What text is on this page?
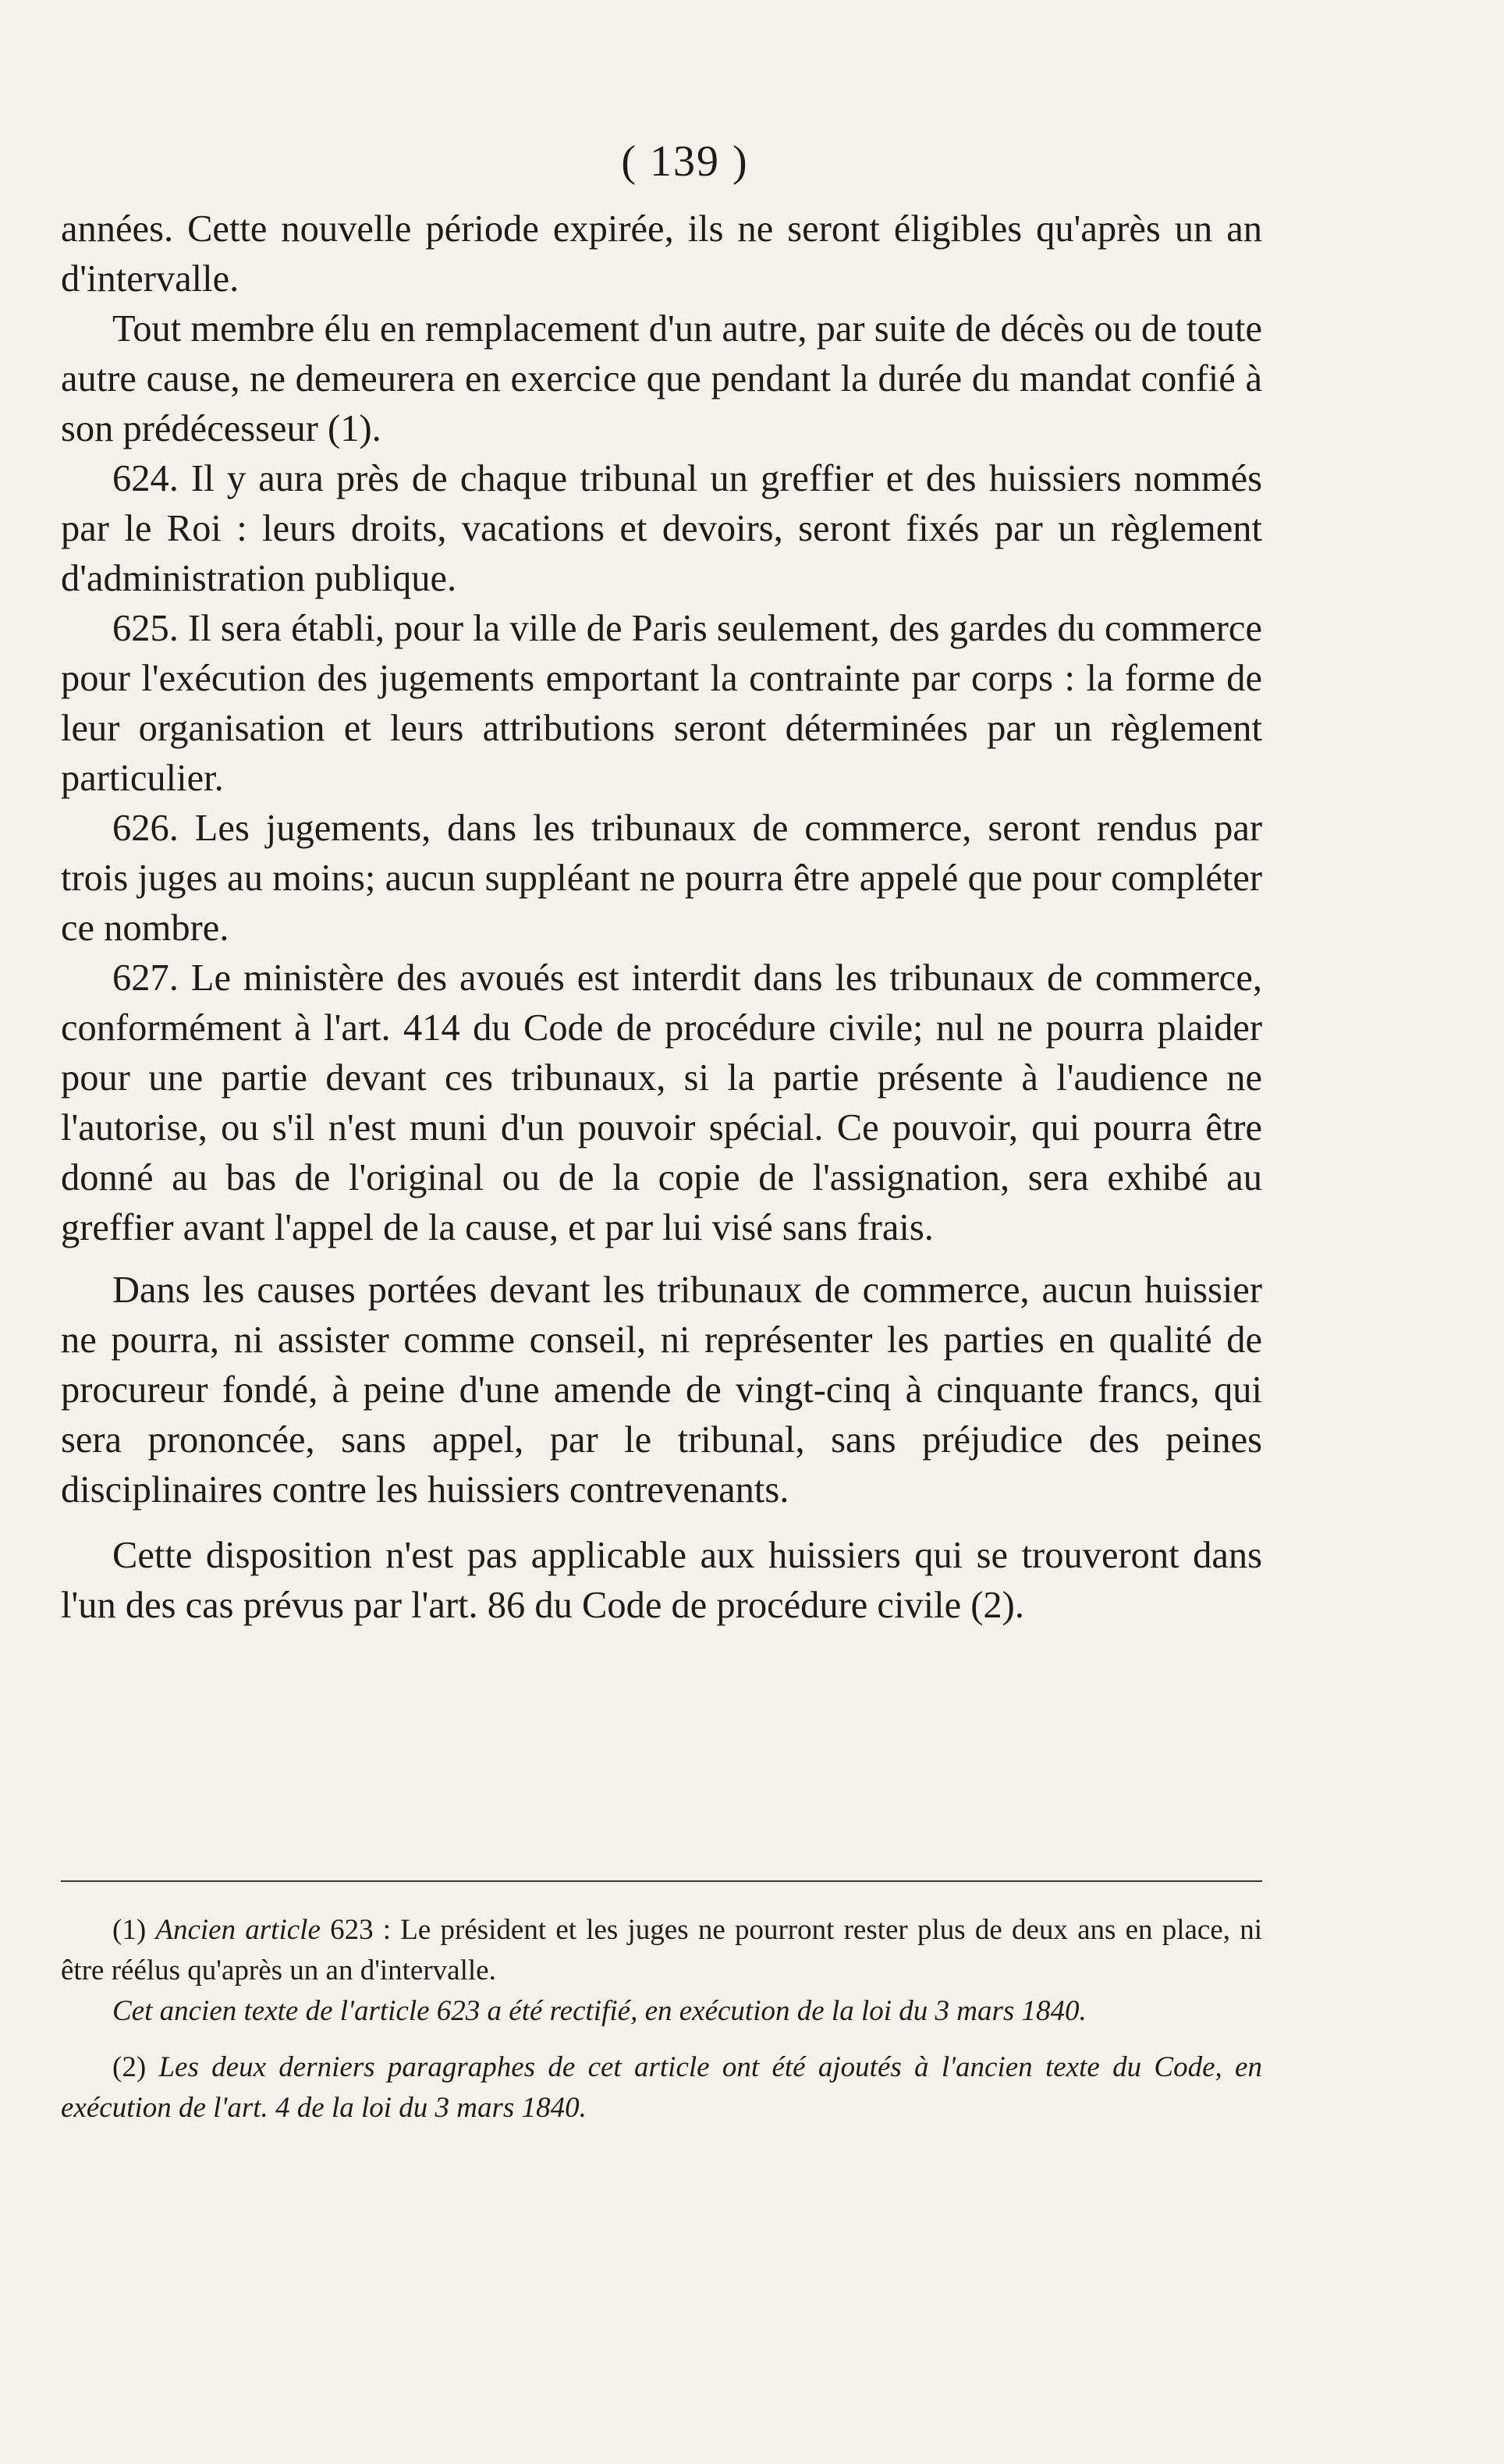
( 139 )

années. Cette nouvelle période expirée, ils ne seront éligibles qu'après un an d'intervalle.

Tout membre élu en remplacement d'un autre, par suite de décès ou de toute autre cause, ne demeurera en exercice que pendant la durée du mandat confié à son prédécesseur (1).

624. Il y aura près de chaque tribunal un greffier et des huissiers nommés par le Roi : leurs droits, vacations et devoirs, seront fixés par un règlement d'administration publique.

625. Il sera établi, pour la ville de Paris seulement, des gardes du commerce pour l'exécution des jugements emportant la contrainte par corps : la forme de leur organisation et leurs attributions seront déterminées par un règlement particulier.

626. Les jugements, dans les tribunaux de commerce, seront rendus par trois juges au moins; aucun suppléant ne pourra être appelé que pour compléter ce nombre.

627. Le ministère des avoués est interdit dans les tribunaux de commerce, conformément à l'art. 414 du Code de procédure civile; nul ne pourra plaider pour une partie devant ces tribunaux, si la partie présente à l'audience ne l'autorise, ou s'il n'est muni d'un pouvoir spécial. Ce pouvoir, qui pourra être donné au bas de l'original ou de la copie de l'assignation, sera exhibé au greffier avant l'appel de la cause, et par lui visé sans frais.

Dans les causes portées devant les tribunaux de commerce, aucun huissier ne pourra, ni assister comme conseil, ni représenter les parties en qualité de procureur fondé, à peine d'une amende de vingt-cinq à cinquante francs, qui sera prononcée, sans appel, par le tribunal, sans préjudice des peines disciplinaires contre les huissiers contrevenants.

Cette disposition n'est pas applicable aux huissiers qui se trouveront dans l'un des cas prévus par l'art. 86 du Code de procédure civile (2).

(1) Ancien article 623 : Le président et les juges ne pourront rester plus de deux ans en place, ni être réélus qu'après un an d'intervalle.

Cet ancien texte de l'article 623 a été rectifié, en exécution de la loi du 3 mars 1840.

(2) Les deux derniers paragraphes de cet article ont été ajoutés à l'ancien texte du Code, en exécution de l'art. 4 de la loi du 3 mars 1840.
